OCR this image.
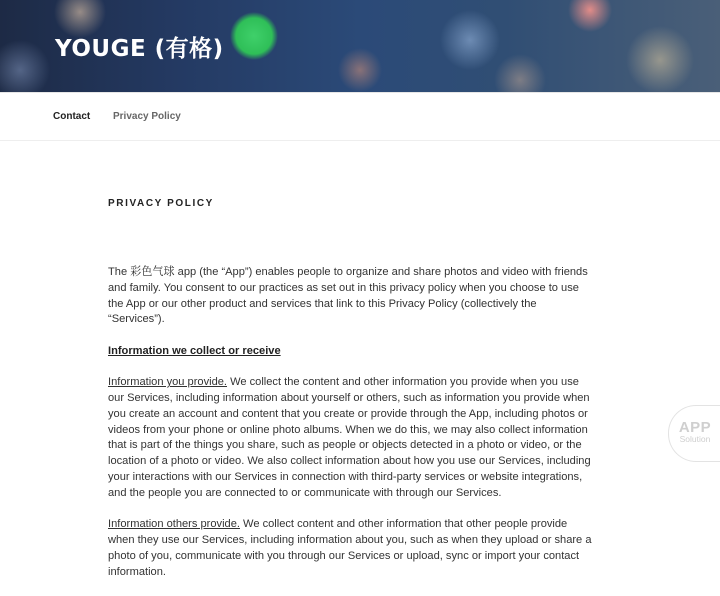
YOUGE (有格)
Contact Privacy Policy
PRIVACY POLICY

The 彩色气球 app (the “App”) enables people to organize and share photos and video with friends and family. You consent to our practices as set out in this privacy policy when you choose to use the App or our other product and services that link to this Privacy Policy (collectively the “Services”).

Information we collect or receive

Information you provide. We collect the content and other information you provide when you use our Services, including information about yourself or others, such as information you provide when you create an account and content that you create or provide through the App, including photos or videos from your phone or online photo albums. When we do this, we may also collect information that is part of the things you share, such as people or objects detected in a photo or video, or the location of a photo or video. We also collect information about how you use our Services, including your interactions with our Services in connection with third-party services or website integrations, and the people you are connected to or communicate with through our Services.

Information others provide. We collect content and other information that other people provide when they use our Services, including information about you, such as when they upload or share a photo of you, communicate with you through our Services or upload, sync or import your contact information.

APP
Solution
